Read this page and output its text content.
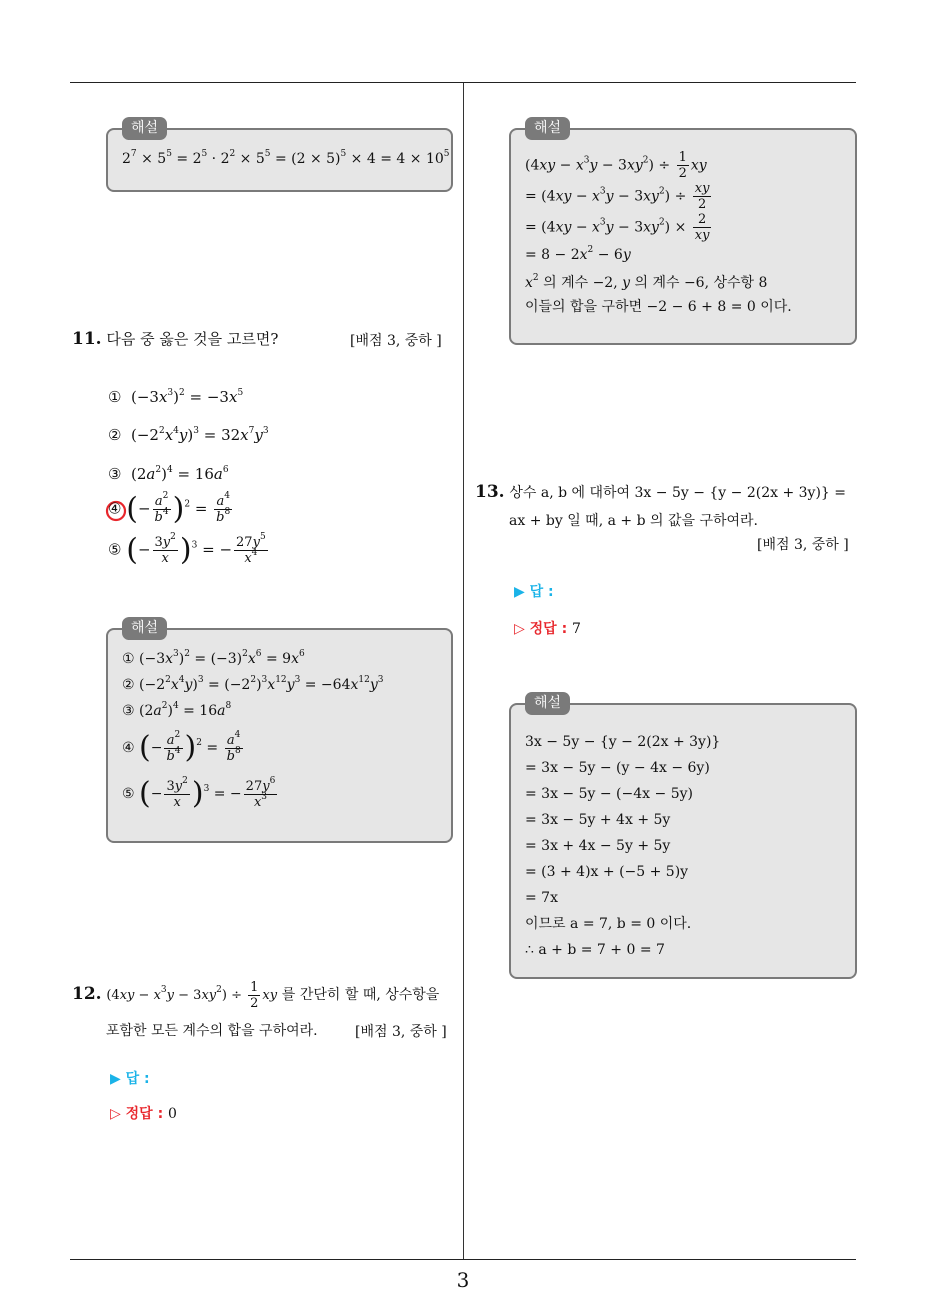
해설
$2^7 \times 5^5 = 2^5 \cdot 2^2 \times 5^5 = (2 \times 5)^5 \times 4 = 4 \times 10^5$
11. 다음 중 옳은 것을 고르면?	[배점 3, 중하 ]
①  $(-3x^3)^2 = -3x^5$
②  $(-2^2x^4y)^3 = 32x^7y^3$
③  $(2a^2)^4 = 16a^6$
④ (− $\frac{a^2}{b^4} )^2 = \frac{a^4}{b^8}$
⑤ (− $\frac{3y^2}{x} )^3$ = − $\frac{27y^5}{x^4}$
해설
① $(-3x^3)^2 = (-3)^2x^6 = 9x^6$
② $(-2^2x^4y)^3 = (-2^2)^3x^{12}y^3 = -64x^{12}y^3$
③ $(2a^2)^4 = 16a^8$
④ (− $\frac{a^2}{b^4} )^2 = \frac{a^4}{b^8}$
⑤ (− $\frac{3y^2}{x} )^3$ = − $\frac{27y^6}{x^3}$
12. $(4xy - x^3y - 3xy^2) \div \frac{1}{2}$ xy 를 간단히 할 때, 상수항을
포함한 모든 계수의 합을 구하여라.	[배점 3, 중하 ]
▶ 답 :
▷ 정답 : 0
해설
$(4xy - x^3y - 3xy^2) \div \frac{1}{2}$ xy
= $(4xy - x^3y - 3xy^2) \div \frac{xy}{2}$
= $(4xy - x^3y - 3xy^2) \times \frac{2}{xy}$
= $8 - 2x^2 - 6y$
$x^2$ 의 계수 −2, y 의 계수 −6, 상수항 8
이들의 합을 구하면 −2 − 6 + 8 = 0 이다.
13. 상수 a, b 에 대하여 3x − 5y − {y − 2(2x + 3y)} =
ax + by 일 때, a + b 의 값을 구하여라.
[배점 3, 중하 ]
▶ 답 :
▷ 정답 : 7
해설
3x − 5y − {y − 2(2x + 3y)}
= 3x − 5y − (y − 4x − 6y)
= 3x − 5y − (−4x − 5y)
= 3x − 5y + 4x + 5y
= 3x + 4x − 5y + 5y
= (3 + 4)x + (−5 + 5)y
= 7x
이므로 a = 7, b = 0 이다.
∴ a + b = 7 + 0 = 7
3
